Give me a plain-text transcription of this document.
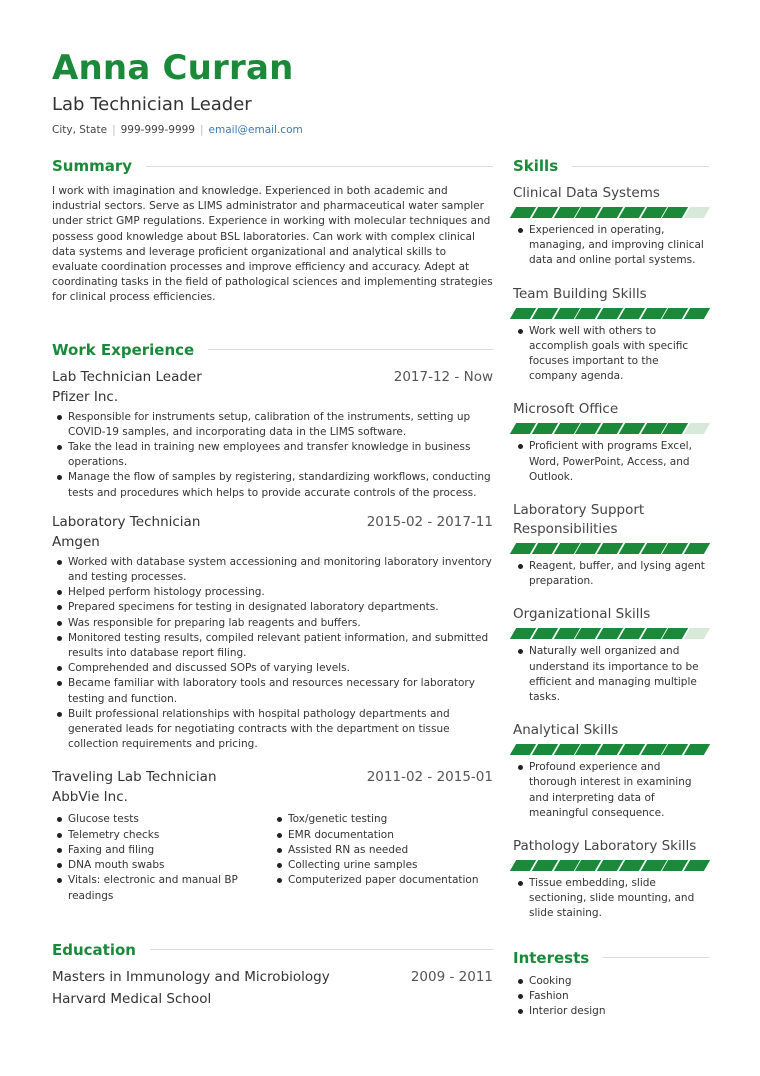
Anna Curran
Lab Technician Leader
City, State | 999-999-9999 | email@email.com
Summary
I work with imagination and knowledge. Experienced in both academic and industrial sectors. Serve as LIMS administrator and pharmaceutical water sampler under strict GMP regulations. Experience in working with molecular techniques and possess good knowledge about BSL laboratories. Can work with complex clinical data systems and leverage proficient organizational and analytical skills to evaluate coordination processes and improve efficiency and accuracy. Adept at coordinating tasks in the field of pathological sciences and implementing strategies for clinical process efficiencies.
Work Experience
Lab Technician Leader	2017-12 - Now
Pfizer Inc.
Responsible for instruments setup, calibration of the instruments, setting up COVID-19 samples, and incorporating data in the LIMS software.
Take the lead in training new employees and transfer knowledge in business operations.
Manage the flow of samples by registering, standardizing workflows, conducting tests and procedures which helps to provide accurate controls of the process.
Laboratory Technician	2015-02 - 2017-11
Amgen
Worked with database system accessioning and monitoring laboratory inventory and testing processes.
Helped perform histology processing.
Prepared specimens for testing in designated laboratory departments.
Was responsible for preparing lab reagents and buffers.
Monitored testing results, compiled relevant patient information, and submitted results into database report filing.
Comprehended and discussed SOPs of varying levels.
Became familiar with laboratory tools and resources necessary for laboratory testing and function.
Built professional relationships with hospital pathology departments and generated leads for negotiating contracts with the department on tissue collection requirements and pricing.
Traveling Lab Technician	2011-02 - 2015-01
AbbVie Inc.
Glucose tests
Telemetry checks
Faxing and filing
DNA mouth swabs
Vitals: electronic and manual BP readings
Tox/genetic testing
EMR documentation
Assisted RN as needed
Collecting urine samples
Computerized paper documentation
Education
Masters in Immunology and Microbiology	2009 - 2011
Harvard Medical School
Skills
Clinical Data Systems
Experienced in operating, managing, and improving clinical data and online portal systems.
Team Building Skills
Work well with others to accomplish goals with specific focuses important to the company agenda.
Microsoft Office
Proficient with programs Excel, Word, PowerPoint, Access, and Outlook.
Laboratory Support Responsibilities
Reagent, buffer, and lysing agent preparation.
Organizational Skills
Naturally well organized and understand its importance to be efficient and managing multiple tasks.
Analytical Skills
Profound experience and thorough interest in examining and interpreting data of meaningful consequence.
Pathology Laboratory Skills
Tissue embedding, slide sectioning, slide mounting, and slide staining.
Interests
Cooking
Fashion
Interior design
